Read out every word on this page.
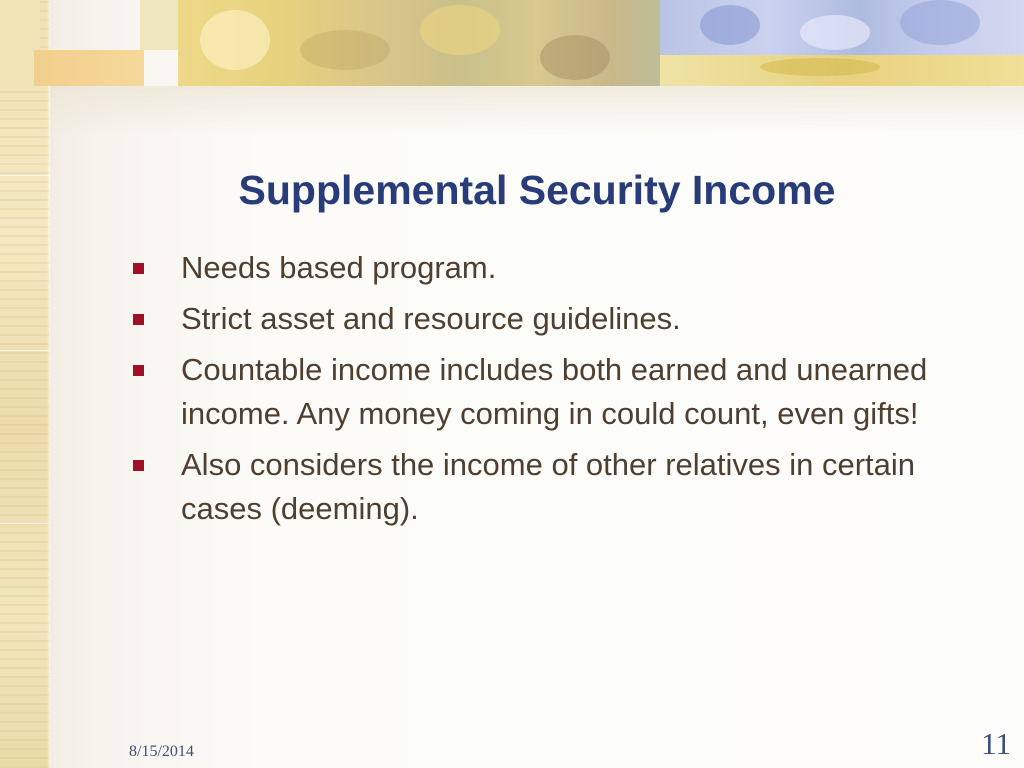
Supplemental Security Income
Needs based program.
Strict asset and resource guidelines.
Countable income includes both earned and unearned income. Any money coming in could count, even gifts!
Also considers the income of other relatives in certain cases (deeming).
8/15/2014	11
